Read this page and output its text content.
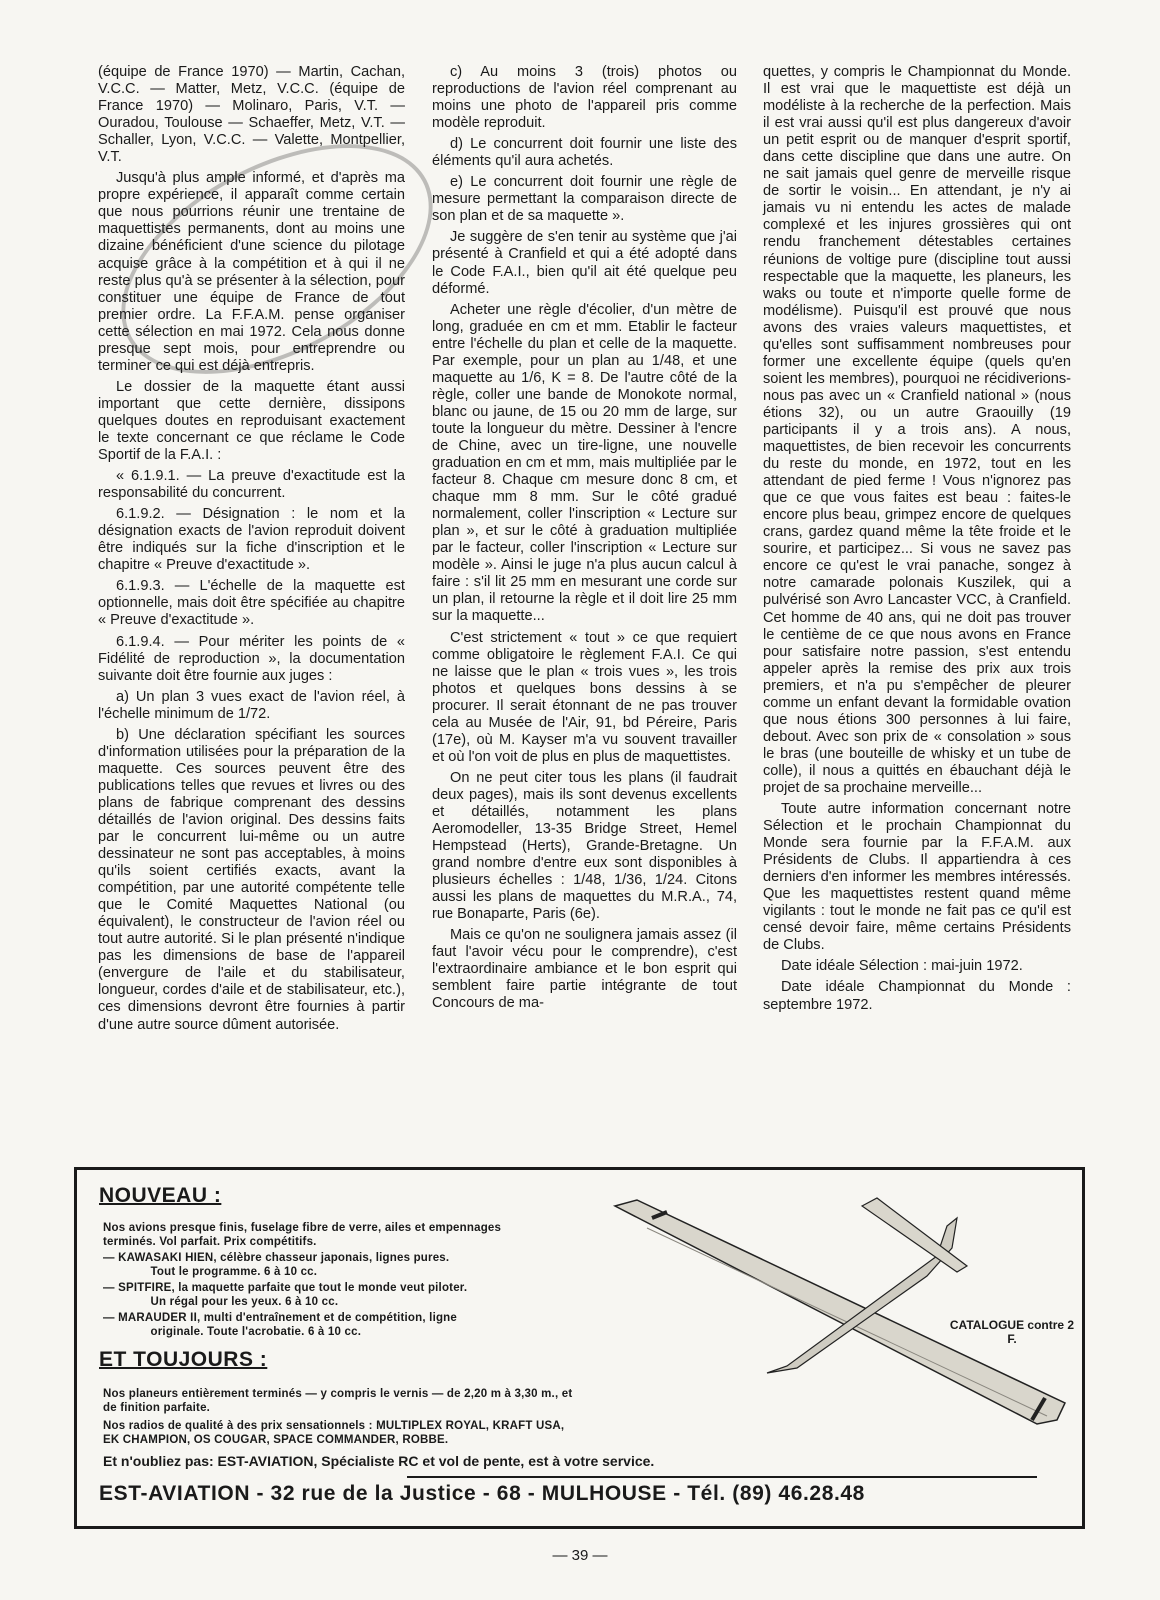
(équipe de France 1970) — Martin, Cachan, V.C.C. — Matter, Metz, V.C.C. (équipe de France 1970) — Molinaro, Paris, V.T. — Ouradou, Toulouse — Schaeffer, Metz, V.T. — Schaller, Lyon, V.C.C. — Valette, Montpellier, V.T.

Jusqu'à plus ample informé, et d'après ma propre expérience, il apparaît comme certain que nous pourrions réunir une trentaine de maquettistes permanents, dont au moins une dizaine bénéficient d'une science du pilotage acquise grâce à la compétition et à qui il ne reste plus qu'à se présenter à la sélection, pour constituer une équipe de France de tout premier ordre. La F.F.A.M. pense organiser cette sélection en mai 1972. Cela nous donne presque sept mois, pour entreprendre ou terminer ce qui est déjà entrepris.

Le dossier de la maquette étant aussi important que cette dernière, dissipons quelques doutes en reproduisant exactement le texte concernant ce que réclame le Code Sportif de la F.A.I. :

« 6.1.9.1. — La preuve d'exactitude est la responsabilité du concurrent.

6.1.9.2. — Désignation : le nom et la désignation exacts de l'avion reproduit doivent être indiqués sur la fiche d'inscription et le chapitre « Preuve d'exactitude ».

6.1.9.3. — L'échelle de la maquette est optionnelle, mais doit être spécifiée au chapitre « Preuve d'exactitude ».

6.1.9.4. — Pour mériter les points de « Fidélité de reproduction », la documentation suivante doit être fournie aux juges :

a) Un plan 3 vues exact de l'avion réel, à l'échelle minimum de 1/72.

b) Une déclaration spécifiant les sources d'information utilisées pour la préparation de la maquette. Ces sources peuvent être des publications telles que revues et livres ou des plans de fabrique comprenant des dessins détaillés de l'avion original. Des dessins faits par le concurrent lui-même ou un autre dessinateur ne sont pas acceptables, à moins qu'ils soient certifiés exacts, avant la compétition, par une autorité compétente telle que le Comité Maquettes National (ou équivalent), le constructeur de l'avion réel ou tout autre autorité. Si le plan présenté n'indique pas les dimensions de base de l'appareil (envergure de l'aile et du stabilisateur, longueur, cordes d'aile et de stabilisateur, etc.), ces dimensions devront être fournies à partir d'une autre source dûment autorisée.

c) Au moins 3 (trois) photos ou reproductions de l'avion réel comprenant au moins une photo de l'appareil pris comme modèle reproduit.

d) Le concurrent doit fournir une liste des éléments qu'il aura achetés.

e) Le concurrent doit fournir une règle de mesure permettant la comparaison directe de son plan et de sa maquette ».

Je suggère de s'en tenir au système que j'ai présenté à Cranfield et qui a été adopté dans le Code F.A.I., bien qu'il ait été quelque peu déformé.

Acheter une règle d'écolier, d'un mètre de long, graduée en cm et mm. Etablir le facteur entre l'échelle du plan et celle de la maquette. Par exemple, pour un plan au 1/48, et une maquette au 1/6, K = 8. De l'autre côté de la règle, coller une bande de Monokote normal, blanc ou jaune, de 15 ou 20 mm de large, sur toute la longueur du mètre. Dessiner à l'encre de Chine, avec un tire-ligne, une nouvelle graduation en cm et mm, mais multipliée par le facteur 8. Chaque cm mesure donc 8 cm, et chaque mm 8 mm. Sur le côté gradué normalement, coller l'inscription « Lecture sur plan », et sur le côté à graduation multipliée par le facteur, coller l'inscription « Lecture sur modèle ». Ainsi le juge n'a plus aucun calcul à faire : s'il lit 25 mm en mesurant une corde sur un plan, il retourne la règle et il doit lire 25 mm sur la maquette...

C'est strictement « tout » ce que requiert comme obligatoire le règlement F.A.I. Ce qui ne laisse que le plan « trois vues », les trois photos et quelques bons dessins à se procurer. Il serait étonnant de ne pas trouver cela au Musée de l'Air, 91, bd Péreire, Paris (17e), où M. Kayser m'a vu souvent travailler et où l'on voit de plus en plus de maquettistes.

On ne peut citer tous les plans (il faudrait deux pages), mais ils sont devenus excellents et détaillés, notamment les plans Aeromodeller, 13-35 Bridge Street, Hemel Hempstead (Herts), Grande-Bretagne. Un grand nombre d'entre eux sont disponibles à plusieurs échelles : 1/48, 1/36, 1/24. Citons aussi les plans de maquettes du M.R.A., 74, rue Bonaparte, Paris (6e).

Mais ce qu'on ne soulignera jamais assez (il faut l'avoir vécu pour le comprendre), c'est l'extraordinaire ambiance et le bon esprit qui semblent faire partie intégrante de tout Concours de ma-

quettes, y compris le Championnat du Monde. Il est vrai que le maquettiste est déjà un modéliste à la recherche de la perfection. Mais il est vrai aussi qu'il est plus dangereux d'avoir un petit esprit ou de manquer d'esprit sportif, dans cette discipline que dans une autre. On ne sait jamais quel genre de merveille risque de sortir le voisin... En attendant, je n'y ai jamais vu ni entendu les actes de malade complexé et les injures grossières qui ont rendu franchement détestables certaines réunions de voltige pure (discipline tout aussi respectable que la maquette, les planeurs, les waks ou toute et n'importe quelle forme de modélisme). Puisqu'il est prouvé que nous avons des vraies valeurs maquettistes, et qu'elles sont suffisamment nombreuses pour former une excellente équipe (quels qu'en soient les membres), pourquoi ne récidiverions-nous pas avec un « Cranfield national » (nous étions 32), ou un autre Graouilly (19 participants il y a trois ans). A nous, maquettistes, de bien recevoir les concurrents du reste du monde, en 1972, tout en les attendant de pied ferme ! Vous n'ignorez pas que ce que vous faites est beau : faites-le encore plus beau, grimpez encore de quelques crans, gardez quand même la tête froide et le sourire, et participez... Si vous ne savez pas encore ce qu'est le vrai panache, songez à notre camarade polonais Kuszilek, qui a pulvérisé son Avro Lancaster VCC, à Cranfield. Cet homme de 40 ans, qui ne doit pas trouver le centième de ce que nous avons en France pour satisfaire notre passion, s'est entendu appeler après la remise des prix aux trois premiers, et n'a pu s'empêcher de pleurer comme un enfant devant la formidable ovation que nous étions 300 personnes à lui faire, debout. Avec son prix de « consolation » sous le bras (une bouteille de whisky et un tube de colle), il nous a quittés en ébauchant déjà le projet de sa prochaine merveille...

Toute autre information concernant notre Sélection et le prochain Championnat du Monde sera fournie par la F.F.A.M. aux Présidents de Clubs. Il appartiendra à ces derniers d'en informer les membres intéressés. Que les maquettistes restent quand même vigilants : tout le monde ne fait pas ce qu'il est censé devoir faire, même certains Présidents de Clubs.

Date idéale Sélection : mai-juin 1972.

Date idéale Championnat du Monde : septembre 1972.

NOUVEAU :
Nos avions presque finis, fuselage fibre de verre, ailes et empennages
terminés. Vol parfait. Prix compétitifs.
— KAWASAKI HIEN, célèbre chasseur japonais, lignes pures.
Tout le programme. 6 à 10 cc.
— SPITFIRE, la maquette parfaite que tout le monde veut piloter.
Un régal pour les yeux. 6 à 10 cc.
— MARAUDER II, multi d'entraînement et de compétition, ligne
originale. Toute l'acrobatie. 6 à 10 cc.	CATALOGUE contre 2 F.
ET TOUJOURS :
Nos planeurs entièrement terminés — y compris le vernis — de 2,20 m à 3,30 m., et
de finition parfaite.
Nos radios de qualité à des prix sensationnels : MULTIPLEX ROYAL, KRAFT USA,
EK CHAMPION, OS COUGAR, SPACE COMMANDER, ROBBE.
Et n'oubliez pas: EST-AVIATION, Spécialiste RC et vol de pente, est à votre service.
EST-AVIATION - 32 rue de la Justice - 68 - MULHOUSE - Tél. (89) 46.28.48
— 39 —
